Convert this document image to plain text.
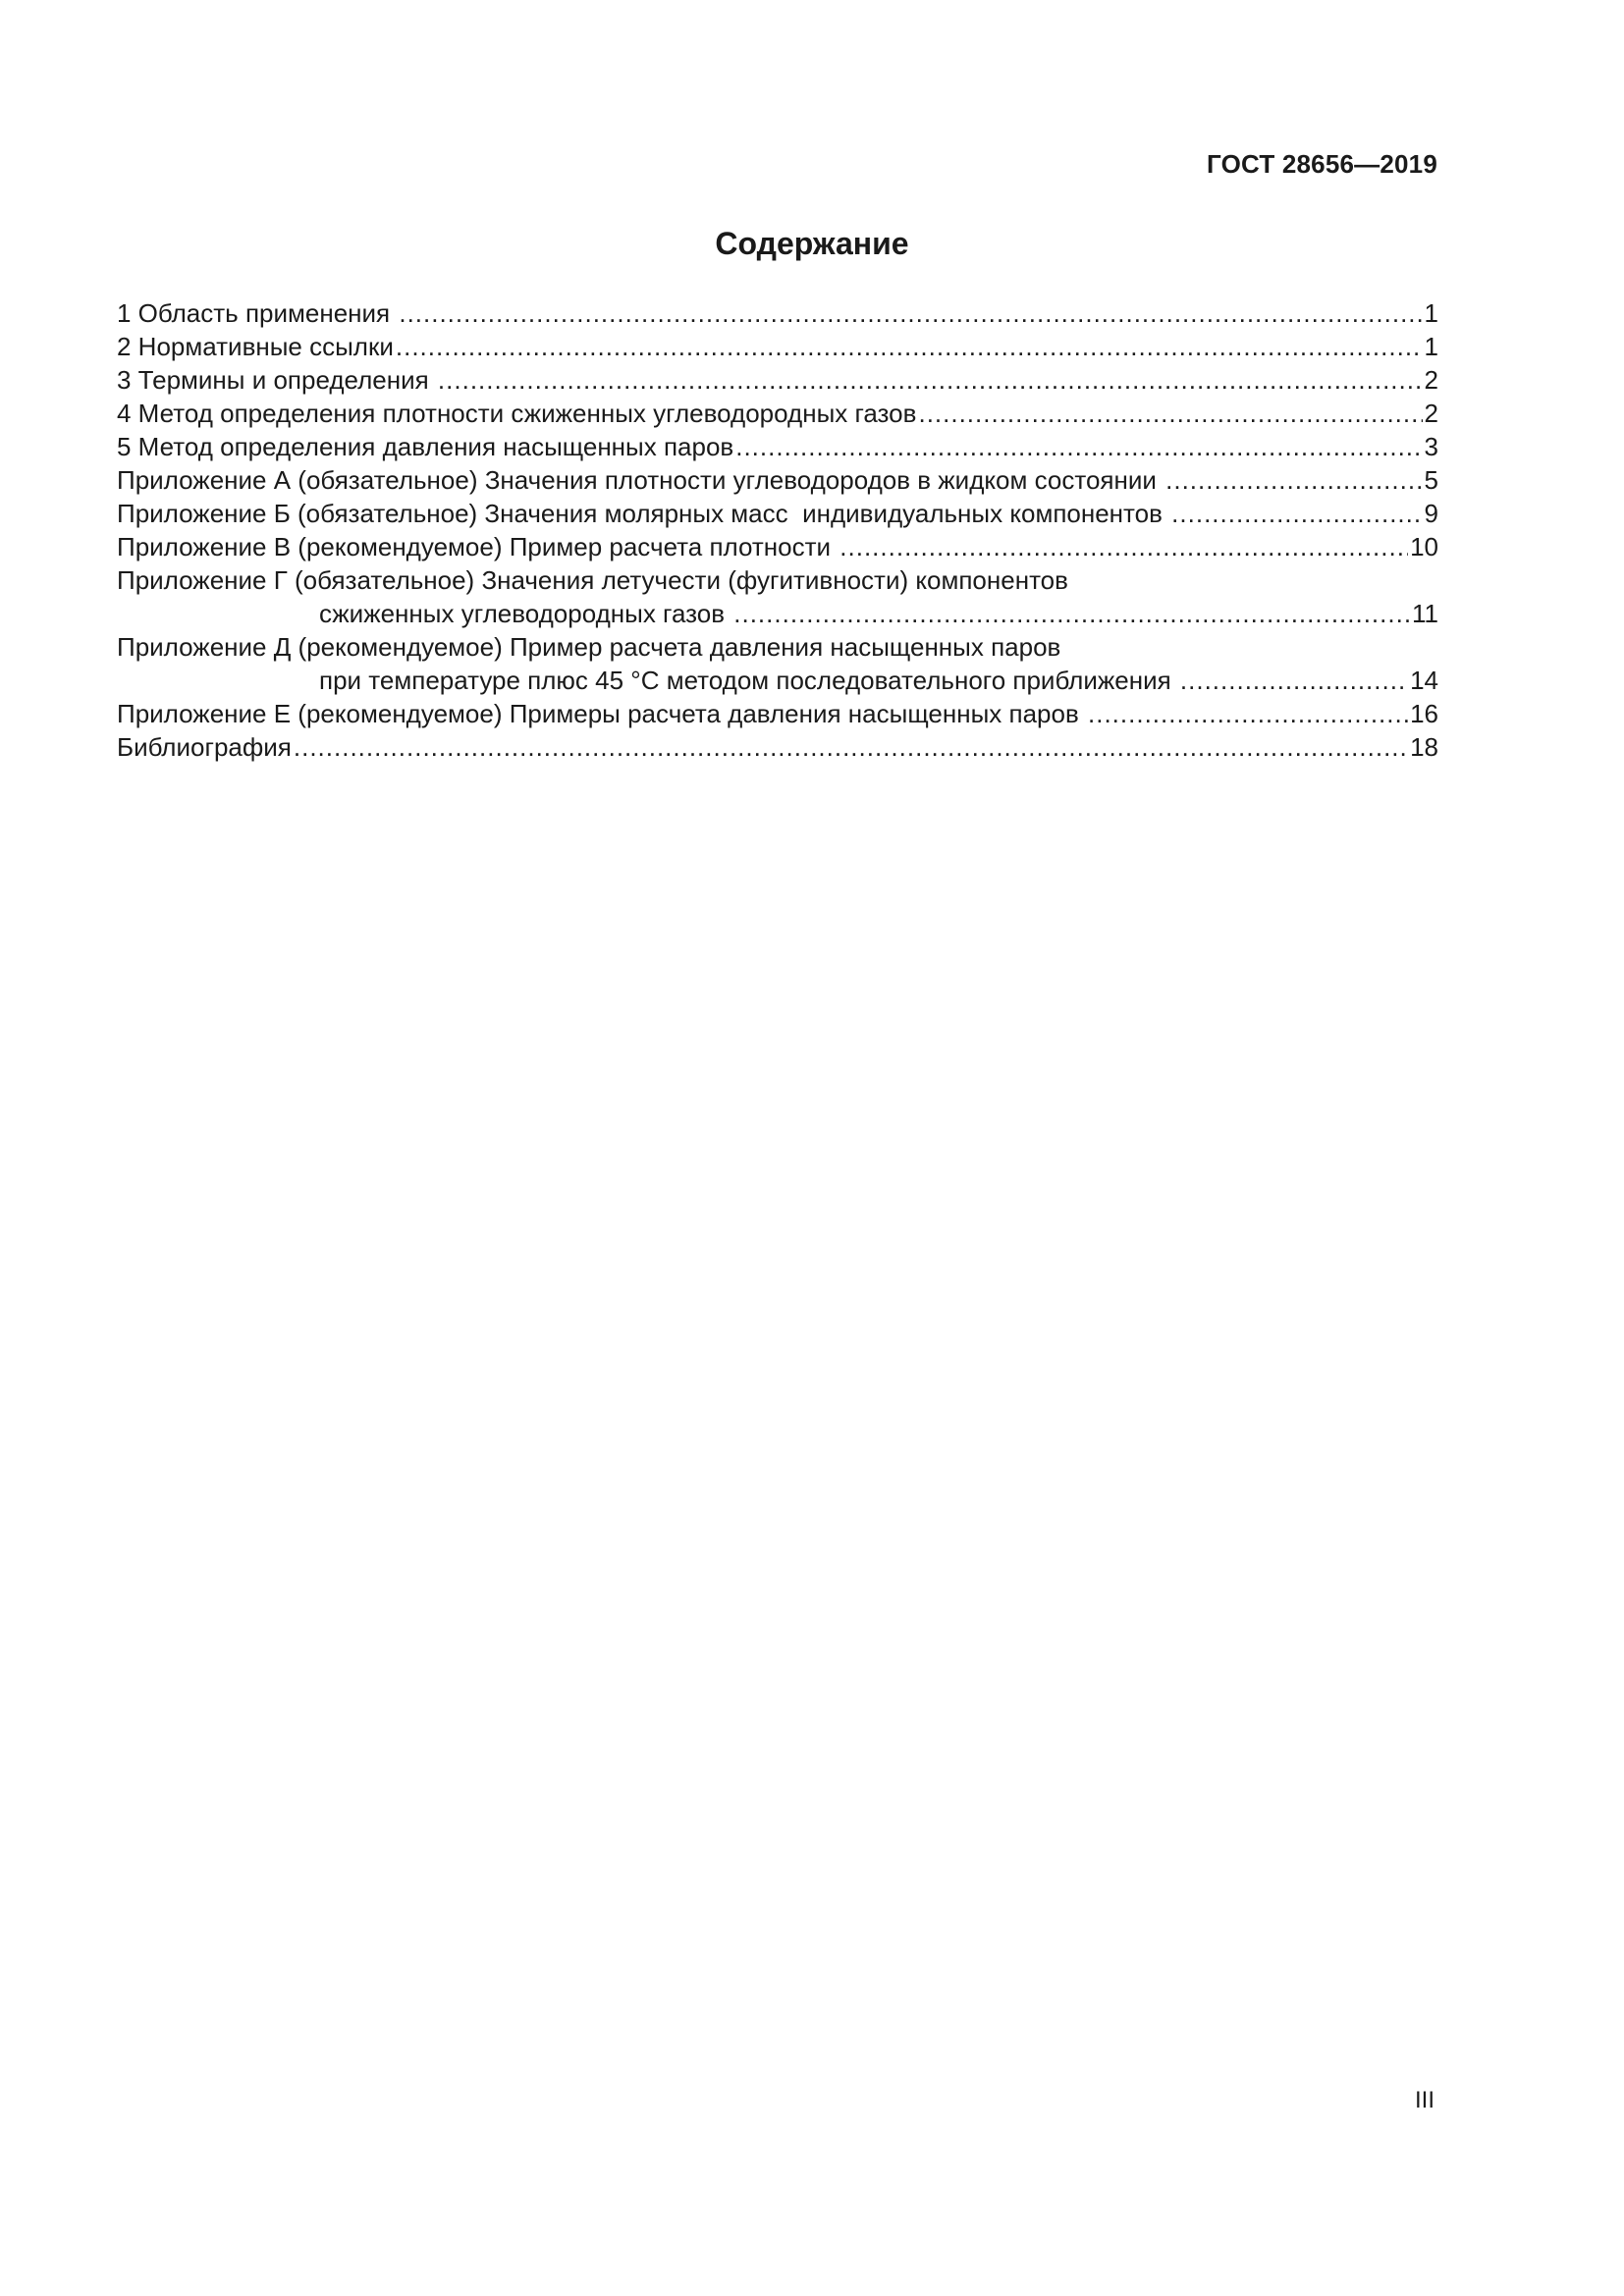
ГОСТ 28656—2019
Содержание
1 Область применения .....	1
2 Нормативные ссылки .....	1
3 Термины и определения .....	2
4 Метод определения плотности сжиженных углеводородных газов .....	2
5 Метод определения давления насыщенных паров .....	3
Приложение А (обязательное) Значения плотности углеводородов в жидком состоянии .....	5
Приложение Б (обязательное) Значения молярных масс  индивидуальных компонентов .....	9
Приложение В (рекомендуемое) Пример расчета плотности .....	10
Приложение Г (обязательное) Значения летучести (фугитивности) компонентов
сжиженных углеводородных газов .....	11
Приложение Д (рекомендуемое) Пример расчета давления насыщенных паров
при температуре плюс 45 °С методом последовательного приближения .....	14
Приложение Е (рекомендуемое) Примеры расчета давления насыщенных паров .....	16
Библиография .....	18
III
